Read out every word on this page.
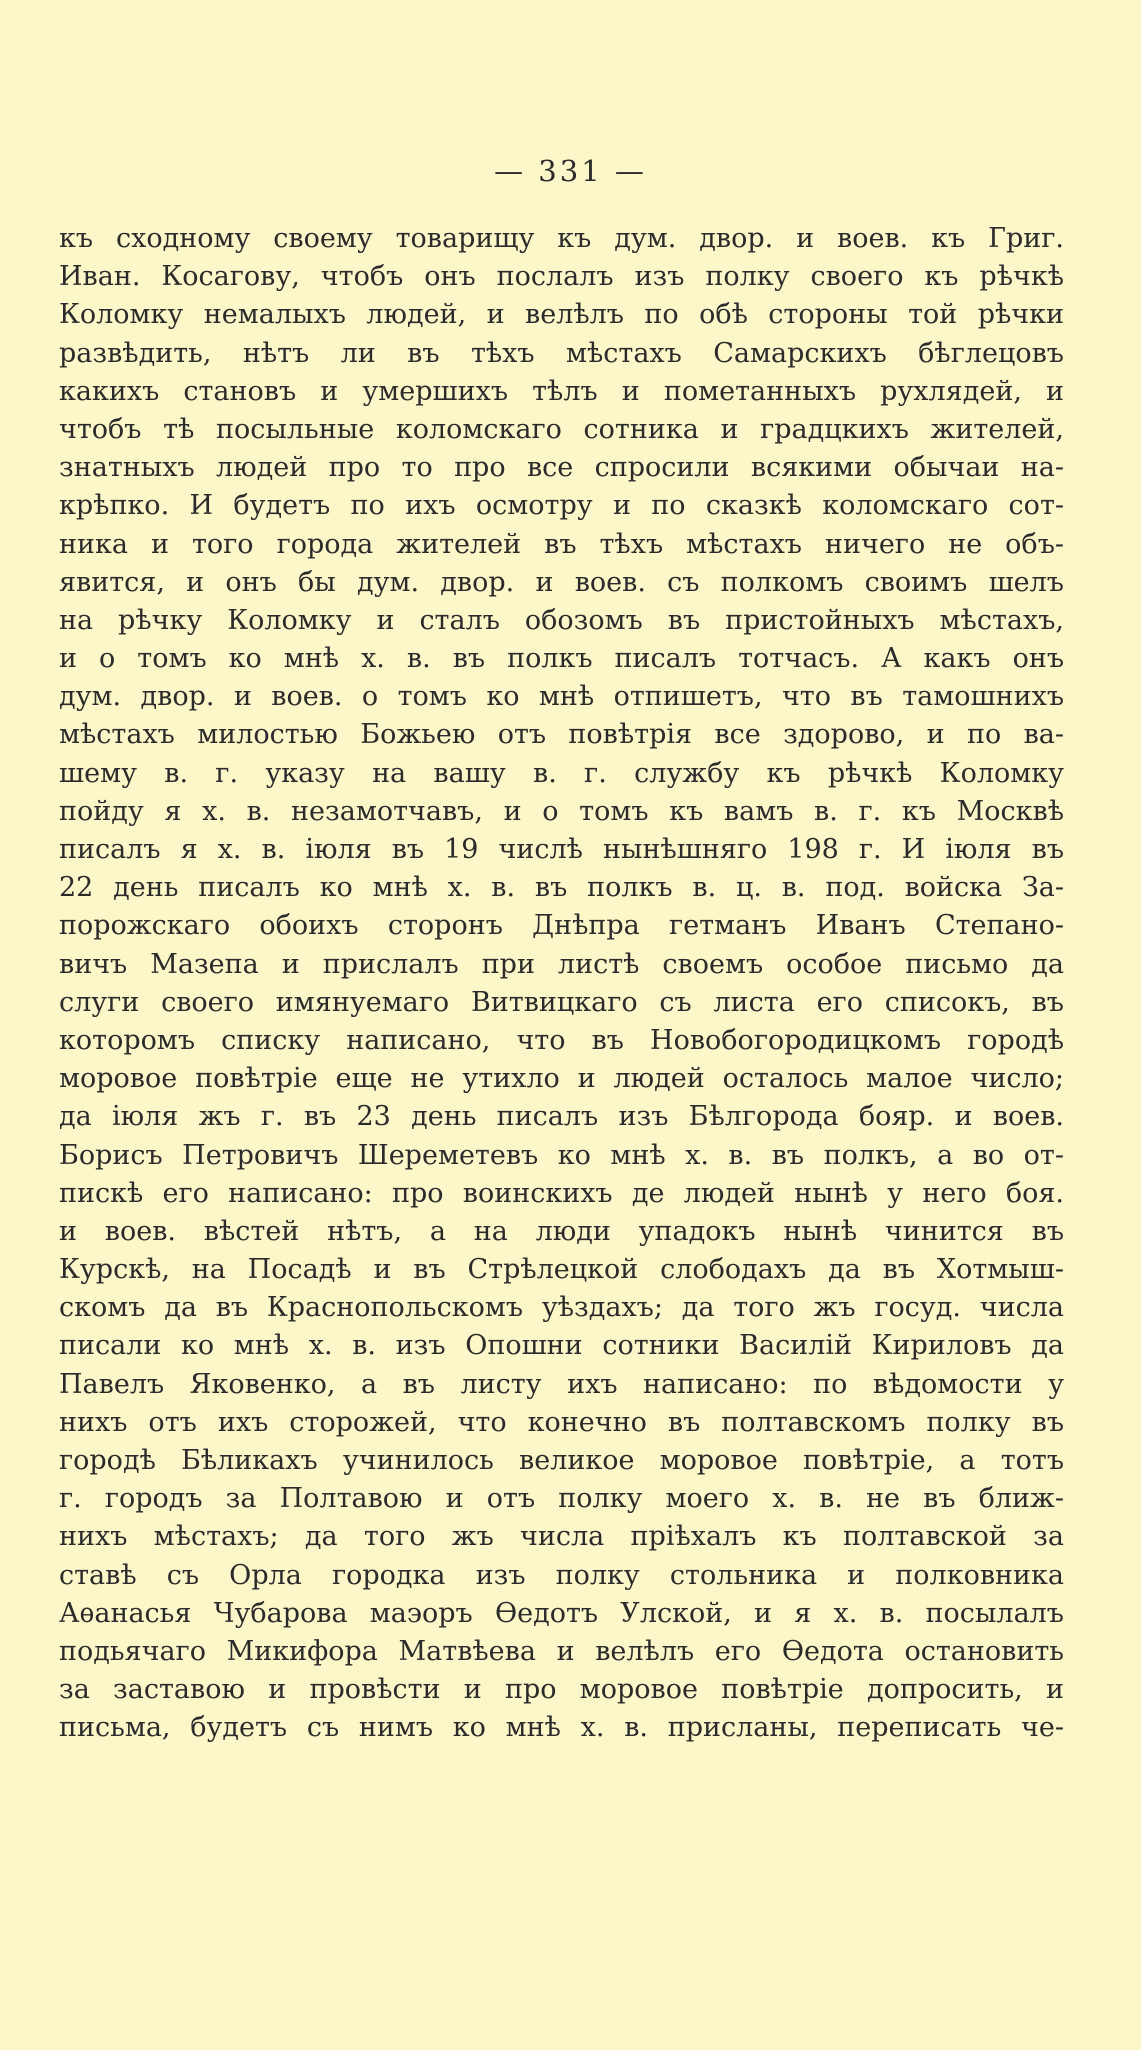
— 331 —
къ сходному своему товарищу къ дум. двор. и воев. къ Григ.
Иван. Косагову, чтобъ онъ послалъ изъ полку своего къ рѣчкѣ
Коломку немалыхъ людей, и велѣлъ по обѣ стороны той рѣчки
развѣдить, нѣтъ ли въ тѣхъ мѣстахъ Самарскихъ бѣглецовъ
какихъ становъ и умершихъ тѣлъ и пометанныхъ рухлядей, и
чтобъ тѣ посыльные коломскаго сотника и градцкихъ жителей,
знатныхъ людей про то про все спросили всякими обычаи на-
крѣпко. И будетъ по ихъ осмотру и по сказкѣ коломскаго сот-
ника и того города жителей въ тѣхъ мѣстахъ ничего не объ-
явится, и онъ бы дум. двор. и воев. съ полкомъ своимъ шелъ
на рѣчку Коломку и сталъ обозомъ въ пристойныхъ мѣстахъ,
и о томъ ко мнѣ х. в. въ полкъ писалъ тотчасъ. А какъ онъ
дум. двор. и воев. о томъ ко мнѣ отпишетъ, что въ тамошнихъ
мѣстахъ милостью Божьею отъ повѣтрія все здорово, и по ва-
шему в. г. указу на вашу в. г. службу къ рѣчкѣ Коломку
пойду я х. в. незамотчавъ, и о томъ къ вамъ в. г. къ Москвѣ
писалъ я х. в. іюля въ 19 числѣ нынѣшняго 198 г. И іюля въ
22 день писалъ ко мнѣ х. в. въ полкъ в. ц. в. под. войска За-
порожскаго обоихъ сторонъ Днѣпра гетманъ Иванъ Степано-
вичъ Мазепа и прислалъ при листѣ своемъ особое письмо да
слуги своего имянуемаго Витвицкаго съ листа его списокъ, въ
которомъ списку написано, что въ Новобогородицкомъ городѣ
моровое повѣтріе еще не утихло и людей осталось малое число;
да іюля жъ г. въ 23 день писалъ изъ Бѣлгорода бояр. и воев.
Борисъ Петровичъ Шереметевъ ко мнѣ х. в. въ полкъ, а во от-
пискѣ его написано: про воинскихъ де людей нынѣ у него боя.
и воев. вѣстей нѣтъ, а на люди упадокъ нынѣ чинится въ
Курскѣ, на Посадѣ и въ Стрѣлецкой слободахъ да въ Хотмыш-
скомъ да въ Краснопольскомъ уѣздахъ; да того жъ госуд. числа
писали ко мнѣ х. в. изъ Опошни сотники Василій Кириловъ да
Павелъ Яковенко, а въ листу ихъ написано: по вѣдомости у
нихъ отъ ихъ сторожей, что конечно въ полтавскомъ полку въ
городѣ Бѣликахъ учинилось великое моровое повѣтріе, а тотъ
г. городъ за Полтавою и отъ полку моего х. в. не въ ближ-
нихъ мѣстахъ; да того жъ числа пріѣхалъ къ полтавской за
ставѣ съ Орла городка изъ полку стольника и полковника
Аѳанасья Чубарова маэоръ Ѳедотъ Улской, и я х. в. посылалъ
подьячаго Микифора Матвѣева и велѣлъ его Ѳедота остановить
за заставою и провѣсти и про моровое повѣтріе допросить, и
письма, будетъ съ нимъ ко мнѣ х. в. присланы, переписать че-
